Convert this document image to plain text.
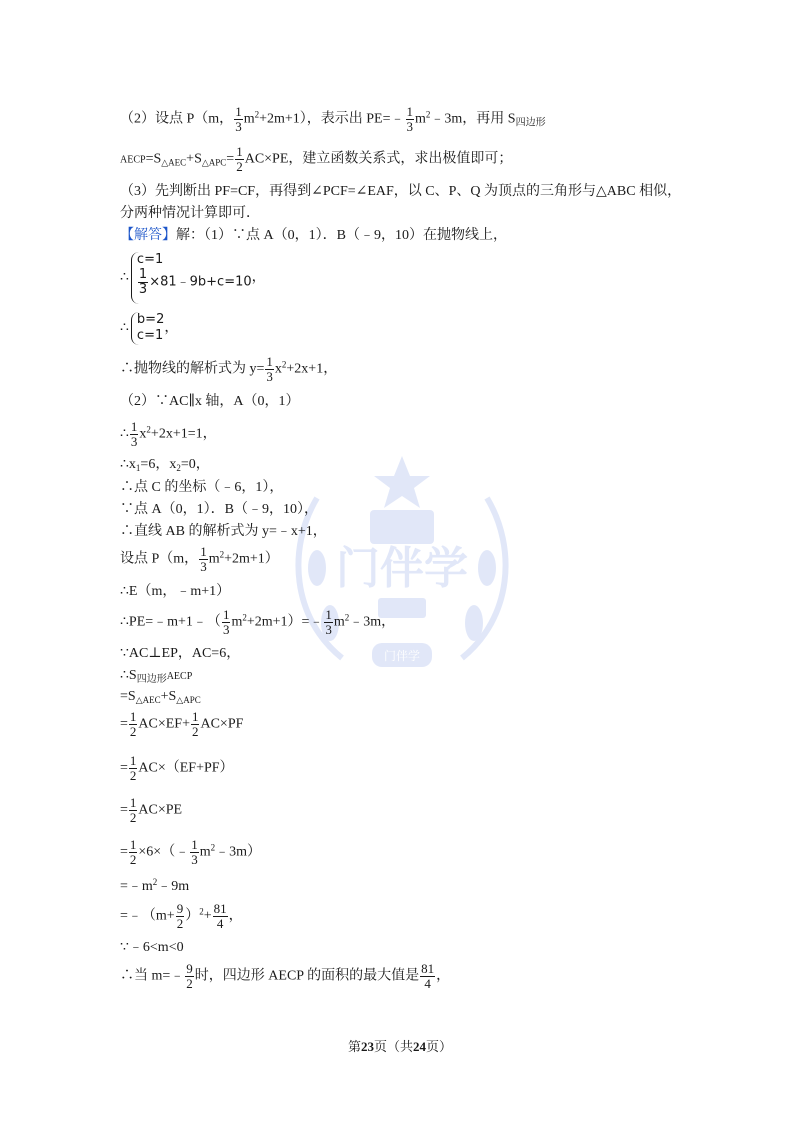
门伴学
门伴学
（2）设点 P（m， $\frac{1}{3} m^2+2m+1$），表示出 PE=﹣ $\frac{1}{3}$ $m^2﹣3m$，再用 $S_{四边形}$
$AECP=S_{\triangle AEC}+S_{\triangle APC}= \frac{1}{2} AC\times PE$，建立函数关系式，求出极值即可；
（3）先判断出 PF=CF，再得到∠PCF=∠EAF，以 C、P、Q 为顶点的三角形与△ABC 相似，
分两种情况计算即可．
【解答】解：（1）∵点 A（0，1）．B（﹣9，10）在抛物线上，
∴
c=1
$\frac{1}{3}$ ×81﹣9b+c=10 ，
∴
b=2
c=1
，
∴抛物线的解析式为 $y= \frac{1}{3} x^2+2x+1$，
（2）∵AC∥x 轴，A（0，1）
∴ $\frac{1}{3} x^2+2x+1=1$，
$\therefore x_1=6$，$x_2=0$，
∴点 C 的坐标（﹣6，1），
∵点 A（0，1）．B（﹣9，10），
∴直线 AB 的解析式为 y=﹣x+1，
设点 P（m， $\frac{1}{3} m^2+2m+1$）
∴E（m，﹣m+1）
∴PE=﹣m+1﹣（ $\frac{1}{3}$ $m^2+2m+1)=﹣ \frac{1}{3}$ $m^2﹣3m$，
∵AC⊥EP，AC=6，
$\therefore S_{四边形}AECP$
$=S_{\triangle AEC}+S_{\triangle APC}$
= $\frac{1}{2} AC\times EF+ \frac{1}{2} AC\times PF$
= $\frac{1}{2} AC\times(EF+PF)$
= $\frac{1}{2} AC\times PE$
= $\frac{1}{2}$ ×6×（﹣ $\frac{1}{3}$ $m^2﹣3m$）
$=﹣m^2﹣9m$
=﹣（m+ $\frac{9}{2} )^2+ \frac{81}{4}$ ，
∵﹣6<m<0
∴当 m=﹣ $\frac{9}{2}$ 时，四边形 AECP 的面积的最大值是 $\frac{81}{4}$ ，
第23页（共24页）
